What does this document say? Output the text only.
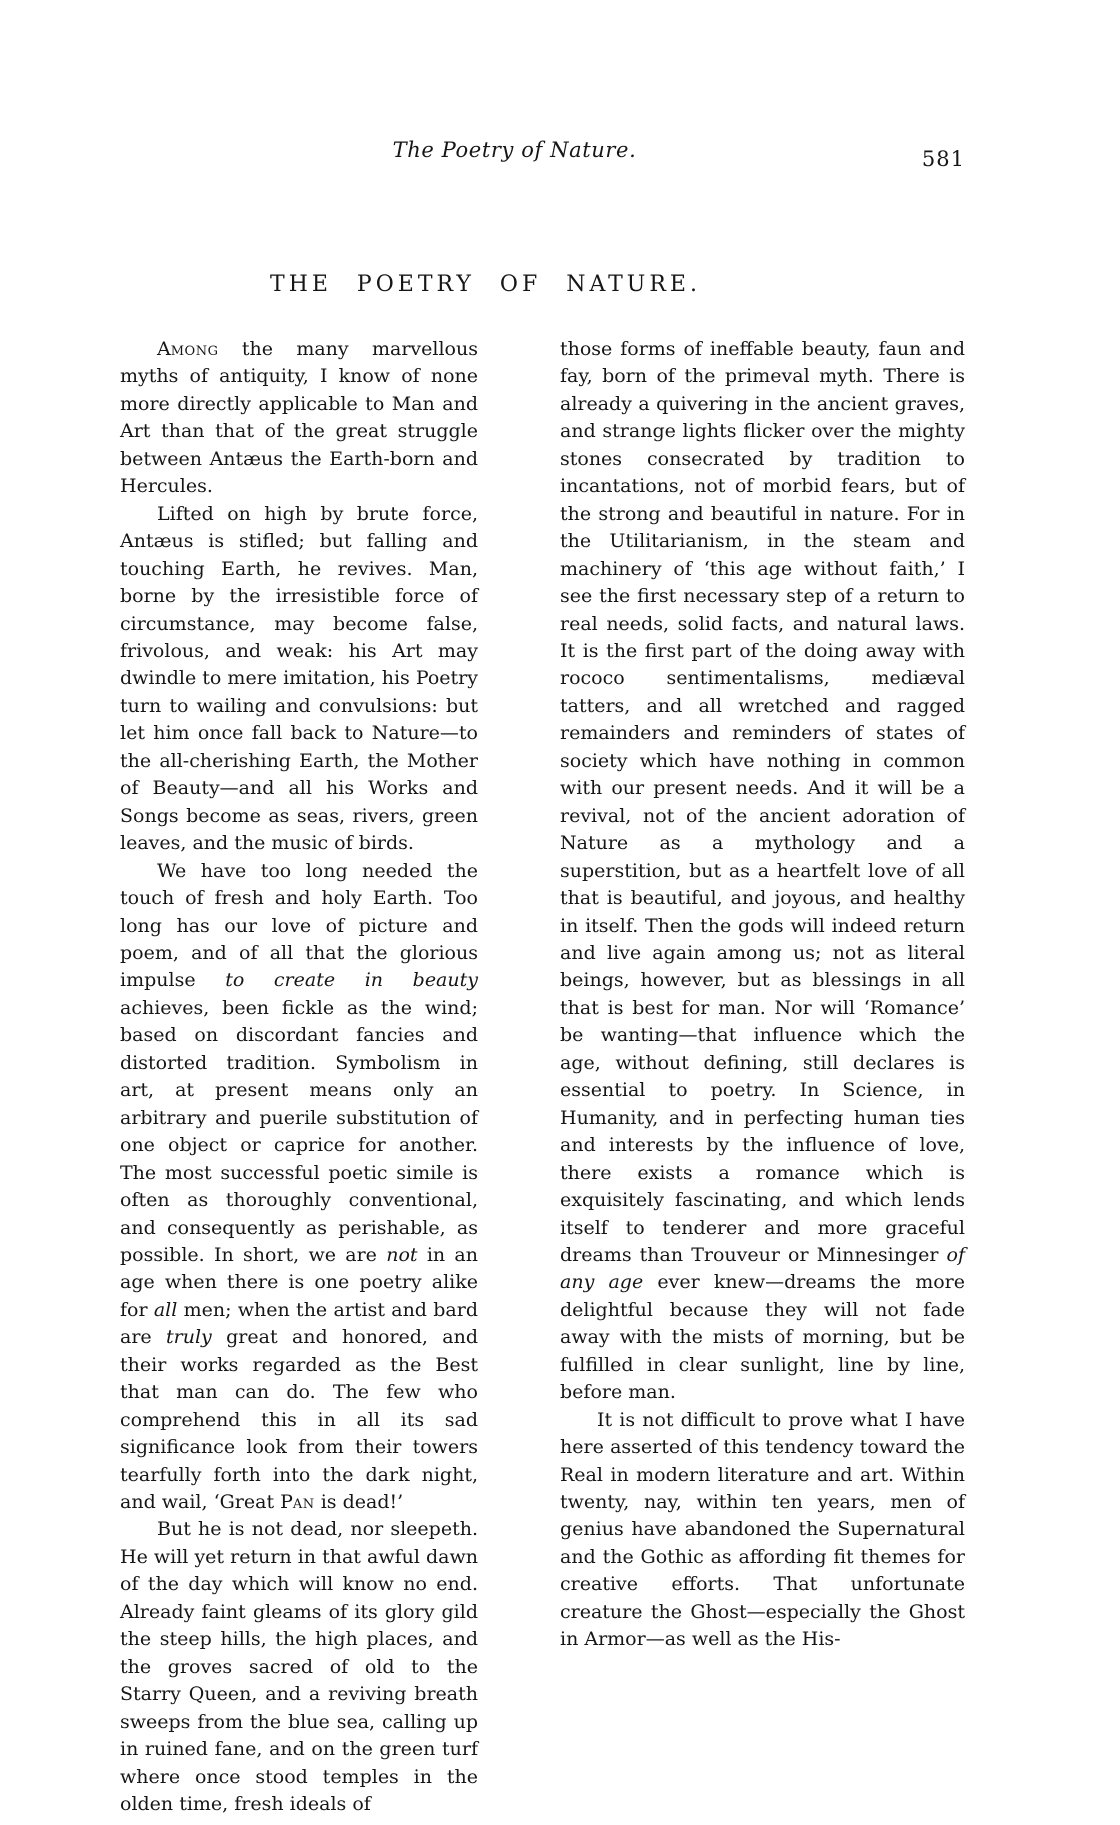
The Poetry of Nature.	581
THE POETRY OF NATURE.

Among the many marvellous myths of antiquity, I know of none more directly applicable to Man and Art than that of the great struggle between Antæus the Earth-born and Hercules.

Lifted on high by brute force, Antæus is stifled; but falling and touching Earth, he revives. Man, borne by the irresistible force of circumstance, may become false, frivolous, and weak: his Art may dwindle to mere imitation, his Poetry turn to wailing and convulsions: but let him once fall back to Nature—to the all-cherishing Earth, the Mother of Beauty—and all his Works and Songs become as seas, rivers, green leaves, and the music of birds.

We have too long needed the touch of fresh and holy Earth. Too long has our love of picture and poem, and of all that the glorious impulse to create in beauty achieves, been fickle as the wind; based on discordant fancies and distorted tradition. Symbolism in art, at present means only an arbitrary and puerile substitution of one object or caprice for another. The most successful poetic simile is often as thoroughly conventional, and consequently as perishable, as possible. In short, we are not in an age when there is one poetry alike for all men; when the artist and bard are truly great and honored, and their works regarded as the Best that man can do. The few who comprehend this in all its sad significance look from their towers tearfully forth into the dark night, and wail, ‘Great Pan is dead!’

But he is not dead, nor sleepeth. He will yet return in that awful dawn of the day which will know no end. Already faint gleams of its glory gild the steep hills, the high places, and the groves sacred of old to the Starry Queen, and a reviving breath sweeps from the blue sea, calling up in ruined fane, and on the green turf where once stood temples in the olden time, fresh ideals of

those forms of ineffable beauty, faun and fay, born of the primeval myth. There is already a quivering in the ancient graves, and strange lights flicker over the mighty stones consecrated by tradition to incantations, not of morbid fears, but of the strong and beautiful in nature. For in the Utilitarianism, in the steam and machinery of ‘this age without faith,’ I see the first necessary step of a return to real needs, solid facts, and natural laws. It is the first part of the doing away with rococo sentimentalisms, mediæval tatters, and all wretched and ragged remainders and reminders of states of society which have nothing in common with our present needs. And it will be a revival, not of the ancient adoration of Nature as a mythology and a superstition, but as a heartfelt love of all that is beautiful, and joyous, and healthy in itself. Then the gods will indeed return and live again among us; not as literal beings, however, but as blessings in all that is best for man. Nor will ‘Romance’ be wanting—that influence which the age, without defining, still declares is essential to poetry. In Science, in Humanity, and in perfecting human ties and interests by the influence of love, there exists a romance which is exquisitely fascinating, and which lends itself to tenderer and more graceful dreams than Trouveur or Minnesinger of any age ever knew—dreams the more delightful because they will not fade away with the mists of morning, but be fulfilled in clear sunlight, line by line, before man.

It is not difficult to prove what I have here asserted of this tendency toward the Real in modern literature and art. Within twenty, nay, within ten years, men of genius have abandoned the Supernatural and the Gothic as affording fit themes for creative efforts. That unfortunate creature the Ghost—especially the Ghost in Armor—as well as the His-
